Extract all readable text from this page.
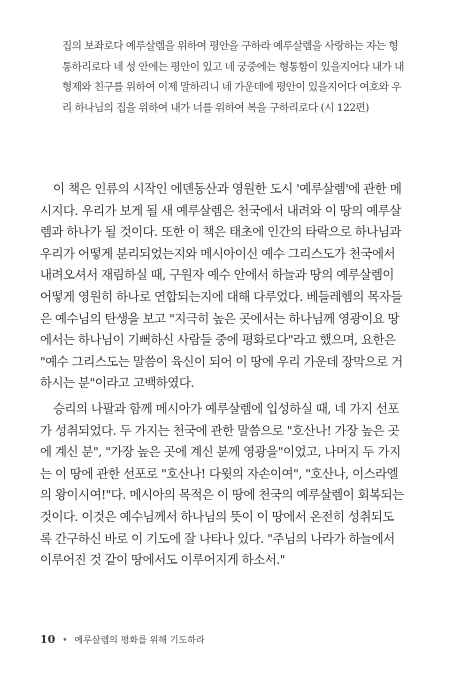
집의 보좌로다 예루살렘을 위하여 평안을 구하라 예루살렘을 사랑하는 자는 형
통하리로다 네 성 안에는 평안이 있고 네 궁중에는 형통함이 있을지어다 내가 내
형제와 친구를 위하여 이제 말하리니 네 가운데에 평안이 있을지어다 여호와 우
리 하나님의 집을 위하여 내가 너를 위하여 복을 구하리로다 (시 122편)
이 책은 인류의 시작인 에덴동산과 영원한 도시 '예루살렘'에 관한 메
시지다. 우리가 보게 될 새 예루살렘은 천국에서 내려와 이 땅의 예루살
렘과 하나가 될 것이다. 또한 이 책은 태초에 인간의 타락으로 하나님과
우리가 어떻게 분리되었는지와 메시아이신 예수 그리스도가 천국에서
내려오셔서 재림하실 때, 구원자 예수 안에서 하늘과 땅의 예루살렘이
어떻게 영원히 하나로 연합되는지에 대해 다루었다. 베들레헴의 목자들
은 예수님의 탄생을 보고 "지극히 높은 곳에서는 하나님께 영광이요 땅
에서는 하나님이 기뻐하신 사람들 중에 평화로다"라고 했으며, 요한은
"예수 그리스도는 말씀이 육신이 되어 이 땅에 우리 가운데 장막으로 거
하시는 분"이라고 고백하였다.
승리의 나팔과 함께 메시아가 예루살렘에 입성하실 때, 네 가지 선포
가 성취되었다. 두 가지는 천국에 관한 말씀으로 "호산나! 가장 높은 곳
에 계신 분", "가장 높은 곳에 계신 분께 영광을"이었고, 나머지 두 가지
는 이 땅에 관한 선포로 "호산나! 다윗의 자손이여", "호산나, 이스라엘
의 왕이시여!"다. 메시아의 목적은 이 땅에 천국의 예루살렘이 회복되는
것이다. 이것은 예수님께서 하나님의 뜻이 이 땅에서 온전히 성취되도
록 간구하신 바로 이 기도에 잘 나타나 있다. "주님의 나라가 하늘에서
이루어진 것 같이 땅에서도 이루어지게 하소서."
10 • 예루살렘의 평화를 위해 기도하라
